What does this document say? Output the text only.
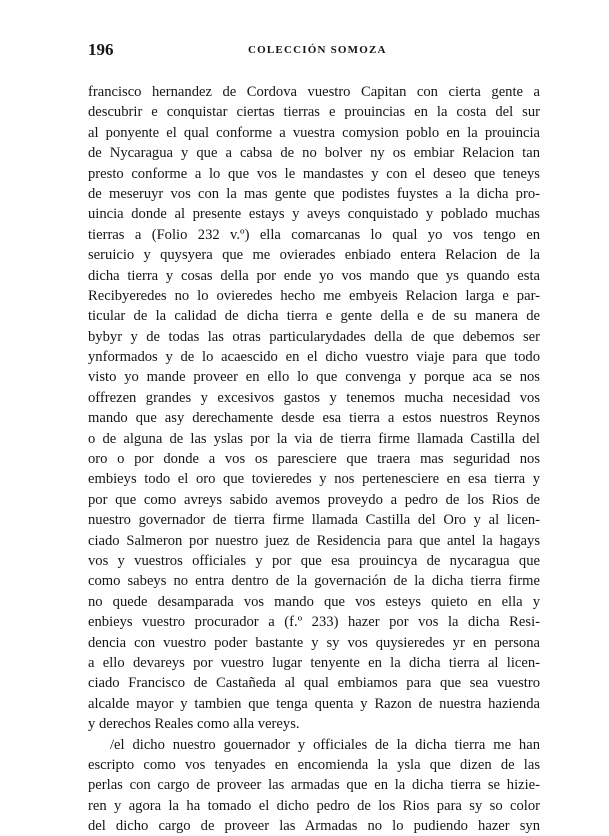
196	COLECCIÓN SOMOZA
francisco hernandez de Cordova vuestro Capitan con cierta gente a
descubrir e conquistar ciertas tierras e prouincias en la costa del sur
al ponyente el qual conforme a vuestra comysion poblo en la prouincia
de Nycaragua y que a cabsa de no bolver ny os embiar Relacion tan
presto conforme a lo que vos le mandastes y con el deseo que teneys
de meseruyr vos con la mas gente que podistes fuystes a la dicha pro-
uincia donde al presente estays y aveys conquistado y poblado muchas
tierras a (Folio 232 v.º) ella comarcanas lo qual yo vos tengo en
seruicio y quysyera que me ovierades enbiado entera Relacion de la
dicha tierra y cosas della por ende yo vos mando que ys quando esta
Recibyeredes no lo ovieredes hecho me embyeis Relacion larga e par-
ticular de la calidad de dicha tierra e gente della e de su manera de
bybyr y de todas las otras particularydades della de que debemos ser
ynformados y de lo acaescido en el dicho vuestro viaje para que todo
visto yo mande proveer en ello lo que convenga y porque aca se nos
offrezen grandes y excesivos gastos y tenemos mucha necesidad vos
mando que asy derechamente desde esa tierra a estos nuestros Reynos
o de alguna de las yslas por la via de tierra firme llamada Castilla del
oro o por donde a vos os paresciere que traera mas seguridad nos
embieys todo el oro que tovieredes y nos pertenesciere en esa tierra y
por que como avreys sabido avemos proveydo a pedro de los Rios de
nuestro governador de tierra firme llamada Castilla del Oro y al licen-
ciado Salmeron por nuestro juez de Residencia para que antel la hagays
vos y vuestros officiales y por que esa prouincya de nycaragua que
como sabeys no entra dentro de la governación de la dicha tierra firme
no quede desamparada vos mando que vos esteys quieto en ella y
enbieys vuestro procurador a (f.º 233) hazer por vos la dicha Resi-
dencia con vuestro poder bastante y sy vos quysieredes yr en persona
a ello devareys por vuestro lugar tenyente en la dicha tierra al licen-
ciado Francisco de Castañeda al qual embiamos para que sea vuestro
alcalde mayor y tambien que tenga quenta y Razon de nuestra hazienda
y derechos Reales como alla vereys.
/el dicho nuestro gouernador y officiales de la dicha tierra me han
escripto como vos tenyades en encomienda la ysla que dizen de las
perlas con cargo de proveer las armadas que en la dicha tierra se hizie-
ren y agora la ha tomado el dicho pedro de los Rios para sy so color
del dicho cargo de proveer las Armadas no lo pudiendo hazer syn
